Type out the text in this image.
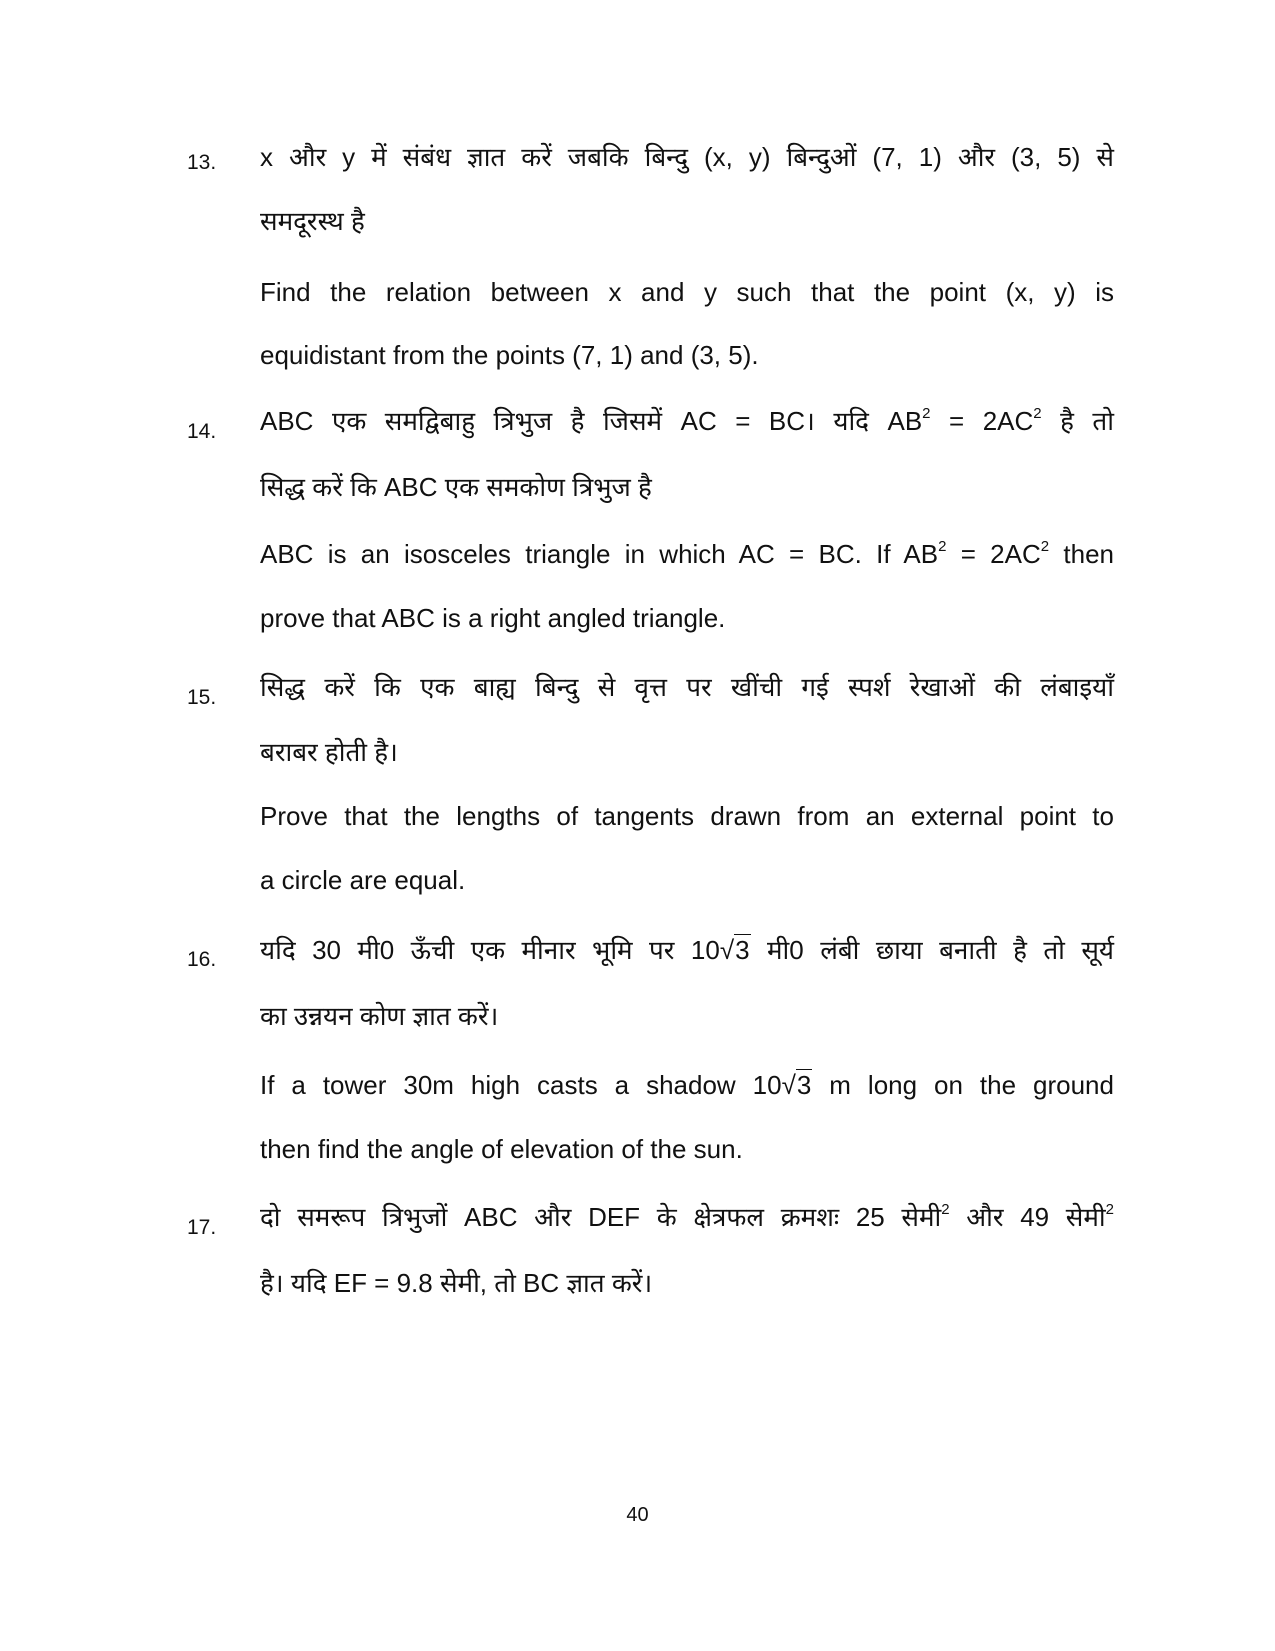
13. x और y में संबंध ज्ञात करें जबकि बिन्दु (x, y) बिन्दुओं (7, 1) और (3, 5) से

समदूरस्थ है

Find the relation between x and y such that the point (x, y) is

equidistant from the points (7, 1) and (3, 5).

14. ABC एक समद्विबाहु त्रिभुज है जिसमें AC = BC। यदि $AB^2 = 2AC^2$ है तो

सिद्ध करें कि ABC एक समकोण त्रिभुज है

ABC is an isosceles triangle in which AC = BC. If $AB^2 = 2AC^2$ then

prove that ABC is a right angled triangle.

15. सिद्ध करें कि एक बाह्य बिन्दु से वृत्त पर खींची गई स्पर्श रेखाओं की लंबाइयाँ

बराबर होती है।

Prove that the lengths of tangents drawn from an external point to

a circle are equal.

16. यदि 30 मी0 ऊँची एक मीनार भूमि पर 10√3 मी0 लंबी छाया बनाती है तो सूर्य

का उन्नयन कोण ज्ञात करें।

If a tower 30m high casts a shadow 10√3 m long on the ground

then find the angle of elevation of the sun.

17. दो समरूप त्रिभुजों ABC और DEF के क्षेत्रफल क्रमशः 25 सेमी$^2$ और 49 सेमी$^2$

है। यदि EF = 9.8 सेमी, तो BC ज्ञात करें।

40
